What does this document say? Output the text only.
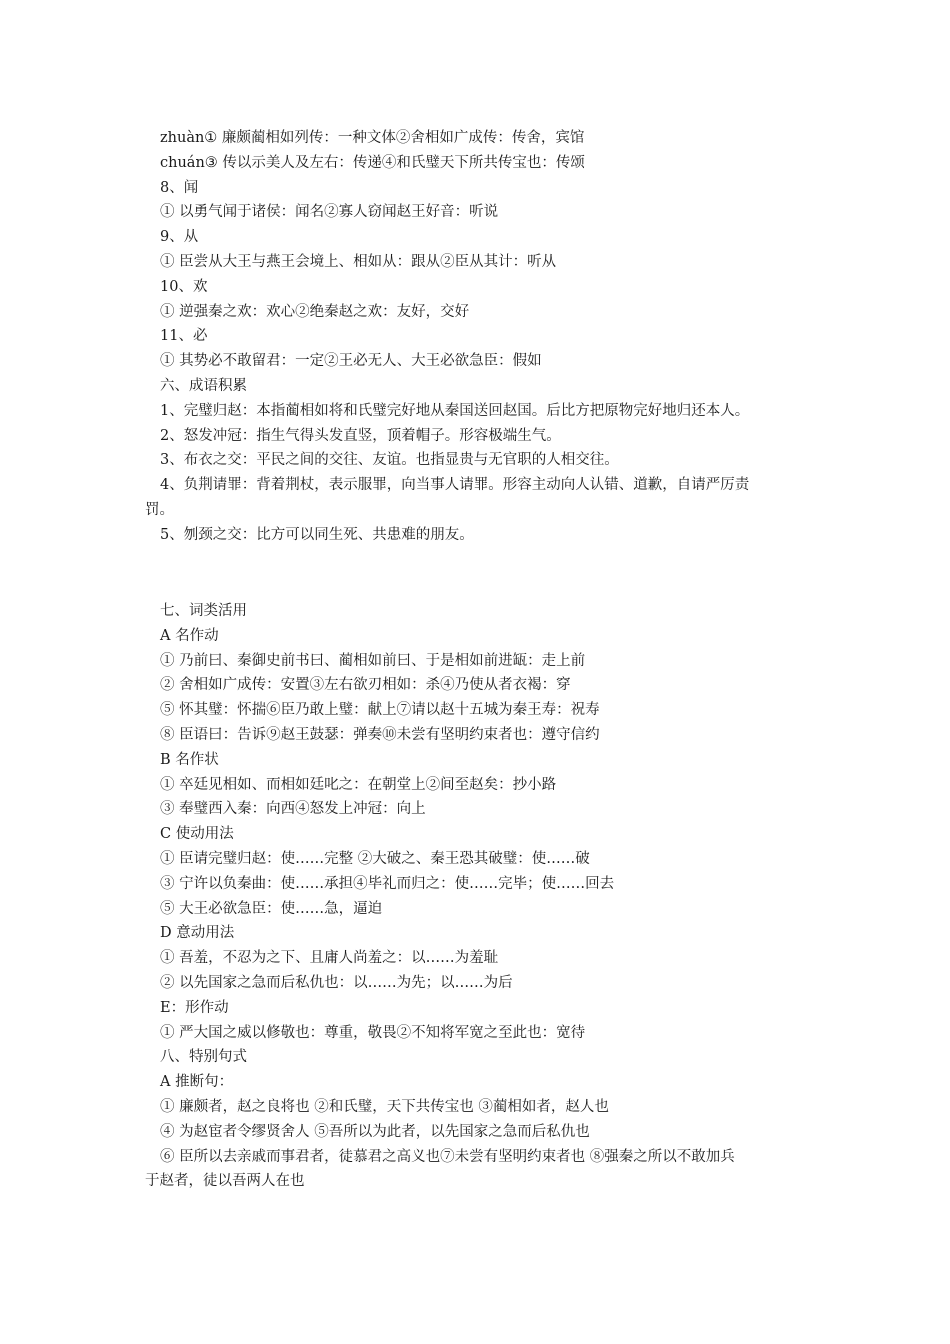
zhuàn① 廉颇蔺相如列传：一种文体②舍相如广成传：传舍，宾馆
chuán③ 传以示美人及左右：传递④和氏璧天下所共传宝也：传颂
8、闻
① 以勇气闻于诸侯：闻名②寡人窃闻赵王好音：听说
9、从
① 臣尝从大王与燕王会境上、相如从：跟从②臣从其计：听从
10、欢
① 逆强秦之欢：欢心②绝秦赵之欢：友好，交好
11、必
① 其势必不敢留君：一定②王必无人、大王必欲急臣：假如
六、成语积累
1、完璧归赵：本指蔺相如将和氏璧完好地从秦国送回赵国。后比方把原物完好地归还本人。
2、怒发冲冠：指生气得头发直竖，顶着帽子。形容极端生气。
3、布衣之交：平民之间的交往、友谊。也指显贵与无官职的人相交往。
4、负荆请罪：背着荆杖，表示服罪，向当事人请罪。形容主动向人认错、道歉，自请严厉责
罚。
5、刎颈之交：比方可以同生死、共患难的朋友。
七、词类活用
A 名作动
① 乃前曰、秦御史前书曰、蔺相如前曰、于是相如前进缻：走上前
② 舍相如广成传：安置③左右欲刃相如：杀④乃使从者衣褐：穿
⑤ 怀其璧：怀揣⑥臣乃敢上璧：献上⑦请以赵十五城为秦王寿：祝寿
⑧ 臣语曰：告诉⑨赵王鼓瑟：弹奏⑩未尝有坚明约束者也：遵守信约
B 名作状
① 卒廷见相如、而相如廷叱之：在朝堂上②间至赵矣：抄小路
③ 奉璧西入秦：向西④怒发上冲冠：向上
C 使动用法
① 臣请完璧归赵：使……完整 ②大破之、秦王恐其破璧：使……破
③ 宁许以负秦曲：使……承担④毕礼而归之：使……完毕；使……回去
⑤ 大王必欲急臣：使……急，逼迫
D 意动用法
① 吾羞，不忍为之下、且庸人尚羞之：以……为羞耻
② 以先国家之急而后私仇也：以……为先；以……为后
E：形作动
① 严大国之威以修敬也：尊重，敬畏②不知将军宽之至此也：宽待
八、特别句式
A 推断句：
① 廉颇者，赵之良将也 ②和氏璧，天下共传宝也 ③蔺相如者，赵人也
④ 为赵宦者令缪贤舍人 ⑤吾所以为此者，以先国家之急而后私仇也
⑥ 臣所以去亲戚而事君者，徒慕君之高义也⑦未尝有坚明约束者也 ⑧强秦之所以不敢加兵
于赵者，徒以吾两人在也
